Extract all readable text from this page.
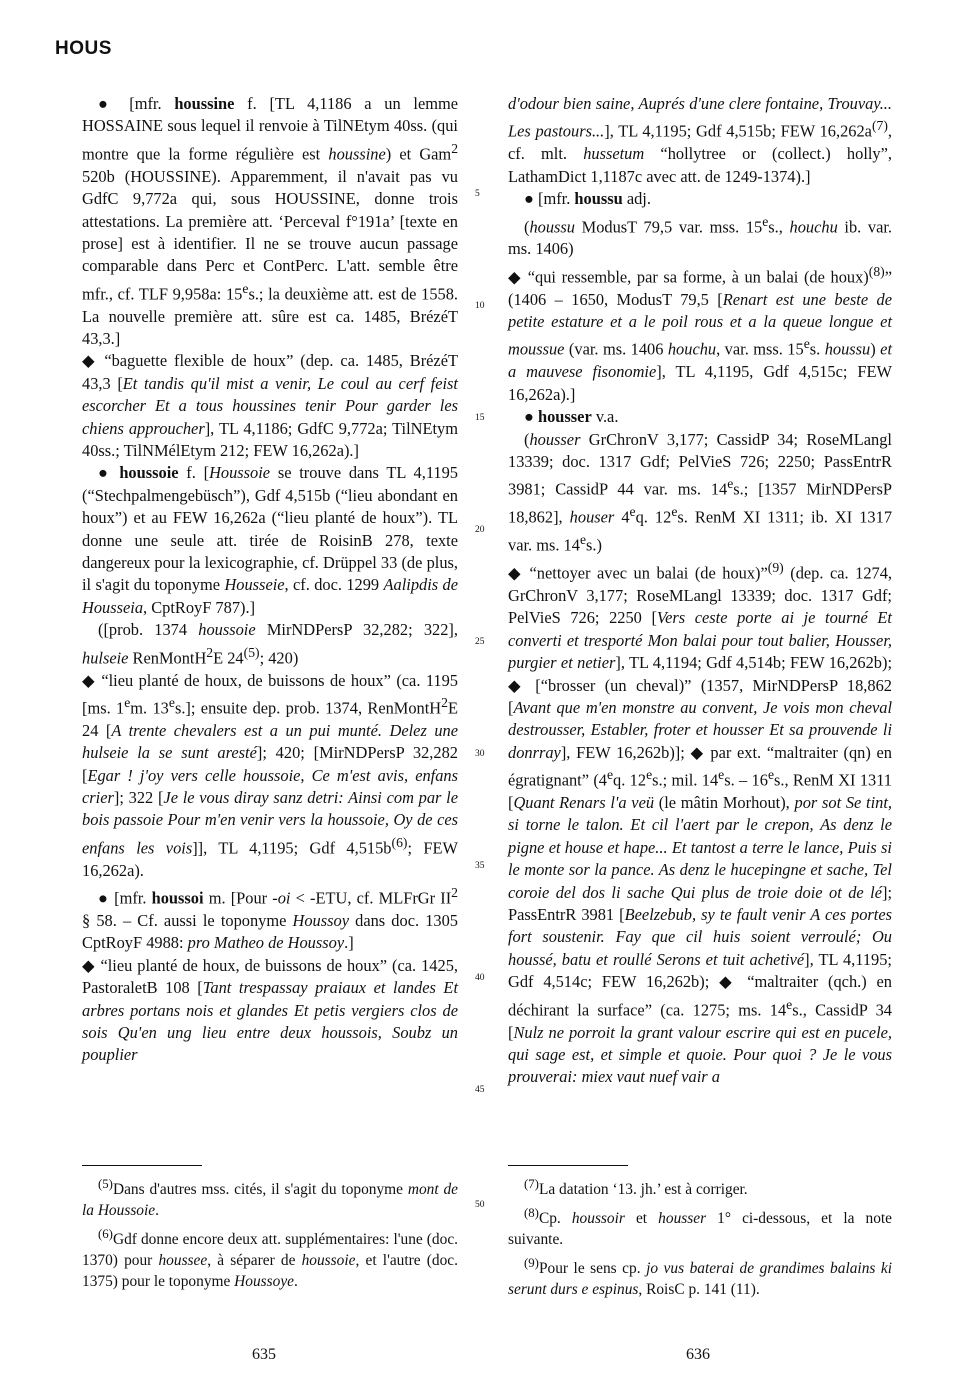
HOUS

● [mfr. houssine f. [TL 4,1186 a un lemme HOSSAINE sous lequel il renvoie à TilNEtym 40ss. (qui montre que la forme régulière est houssine) et Gam$^2$ 520b (HOUSSINE). Apparemment, il n'avait pas vu GdfC 9,772a qui, sous HOUSSINE, donne trois attestations. La première att. ‘Perceval f°191a’ [texte en prose] est à identifier. Il ne se trouve aucun passage comparable dans Perc et ContPerc. L'att. semble être mfr., cf. TLF 9,958a: 15es.; la deuxième att. est de 1558. La nouvelle première att. sûre est ca. 1485, BrézéT 43,3.]

◆ “baguette flexible de houx” (dep. ca. 1485, BrézéT 43,3 [Et tandis qu'il mist a venir, Le coul au cerf feist escorcher Et a tous houssines tenir Pour garder les chiens approucher], TL 4,1186; GdfC 9,772a; TilNEtym 40ss.; TilNMélEtym 212; FEW 16,262a).]

● houssoie f. [Houssoie se trouve dans TL 4,1195 (“Stechpalmengebüsch”), Gdf 4,515b (“lieu abondant en houx”) et au FEW 16,262a (“lieu planté de houx”). TL donne une seule att. tirée de RoisinB 278, texte dangereux pour la lexicographie, cf. Drüppel 33 (de plus, il s'agit du toponyme Housseie, cf. doc. 1299 Aalipdis de Housseia, CptRoyF 787).]

([prob. 1374 houssoie MirNDPersP 32,282; 322], hulseie RenMontH$^2$E 24$^{(5)}$; 420)

◆ “lieu planté de houx, de buissons de houx” (ca. 1195 [ms. 1em. 13es.]; ensuite dep. prob. 1374, RenMontH$^2$E 24 [A trente chevalers est a un pui munté. Delez une hulseie la se sunt aresté]; 420; [MirNDPersP 32,282 [Egar ! j'oy vers celle houssoie, Ce m'est avis, enfans crier]; 322 [Je le vous diray sanz detri: Ainsi com par le bois passoie Pour m'en venir vers la houssoie, Oy de ces enfans les vois]], TL 4,1195; Gdf $4,515b^{(6)}$; FEW 16,262a).

● [mfr. houssoi m. [Pour -oi < -ETU, cf. MLFrGr $II^2$ § 58. – Cf. aussi le toponyme Houssoy dans doc. 1305 CptRoyF 4988: pro Matheo de Houssoy.]

◆ “lieu planté de houx, de buissons de houx” (ca. 1425, PastoraletB 108 [Tant trespassay praiaux et landes Et arbres portans nois et glandes Et petis vergiers clos de sois Qu'en ung lieu entre deux houssois, Soubz un pouplier

5
10
15
20
25
30
35
40
45
50

d'odour bien saine, Auprés d'une clere fontaine, Trouvay... Les pastours...], TL 4,1195; Gdf 4,515b; FEW $16,262a^{(7)}$, cf. mlt. hussetum “hollytree or (collect.) holly”, LathamDict 1,1187c avec att. de 1249-1374).]

● [mfr. houssu adj.

(houssu ModusT 79,5 var. mss. 15es., houchu ib. var. ms. 1406)

◆ “qui ressemble, par sa forme, à un balai (de houx)$^{(8)}$” (1406 – 1650, ModusT 79,5 [Renart est une beste de petite estature et a le poil rous et a la queue longue et moussue (var. ms. 1406 houchu, var. mss. 15es. houssu) et a mauvese fisonomie], TL 4,1195, Gdf 4,515c; FEW 16,262a).]

● housser v.a.

(housser GrChronV 3,177; CassidP 34; RoseMLangl 13339; doc. 1317 Gdf; PelVieS 726; 2250; PassEntrR 3981; CassidP 44 var. ms. 14es.; [1357 MirNDPersP 18,862], houser 4eq. 12es. RenM XI 1311; ib. XI 1317 var. ms. 14es.)

◆ “nettoyer avec un balai (de houx)”$^{(9)}$ (dep. ca. 1274, GrChronV 3,177; RoseMLangl 13339; doc. 1317 Gdf; PelVieS 726; 2250 [Vers ceste porte ai je tourné Et converti et tresporté Mon balai pour tout balier, Housser, purgier et netier], TL 4,1194; Gdf 4,514b; FEW 16,262b); ◆ [“brosser (un cheval)” (1357, MirNDPersP 18,862 [Avant que m'en monstre au convent, Je vois mon cheval destrousser, Establer, froter et housser Et sa prouvende li donrray], FEW 16,262b)]; ◆ par ext. “maltraiter (qn) en égratignant” (4eq. 12es.; mil. 14es. – 16es., RenM XI 1311 [Quant Renars l'a veü (le mâtin Morhout), por sot Se tint, si torne le talon. Et cil l'aert par le crepon, As denz le pigne et house et hape... Et tantost a terre le lance, Puis si le monte sor la pance. As denz le hucepingne et sache, Tel coroie del dos li sache Qui plus de troie doie ot de lé]; PassEntrR 3981 [Beelzebub, sy te fault venir A ces portes fort soustenir. Fay que cil huis soient verroulé; Ou houssé, batu et roullé Serons et tuit achetivé], TL 4,1195; Gdf 4,514c; FEW 16,262b); ◆ “maltraiter (qch.) en déchirant la surface” (ca. 1275; ms. 14es., CassidP 34 [Nulz ne porroit la grant valour escrire qui est en pucele, qui sage est, et simple et quoie. Pour quoi ? Je le vous prouverai: miex vaut nuef vair a

$^{(5)}$Dans d'autres mss. cités, il s'agit du toponyme mont de la Houssoie.

$^{(6)}$Gdf donne encore deux att. supplémentaires: l'une (doc. 1370) pour houssee, à séparer de houssoie, et l'autre (doc. 1375) pour le toponyme Houssoye.

$^{(7)}$La datation ‘13. jh.’ est à corriger.

$^{(8)}$Cp. houssoir et housser 1° ci-dessous, et la note suivante.

$^{(9)}$Pour le sens cp. jo vus baterai de grandimes balains ki serunt durs e espinus, RoisC p. 141 (11).

635	636
